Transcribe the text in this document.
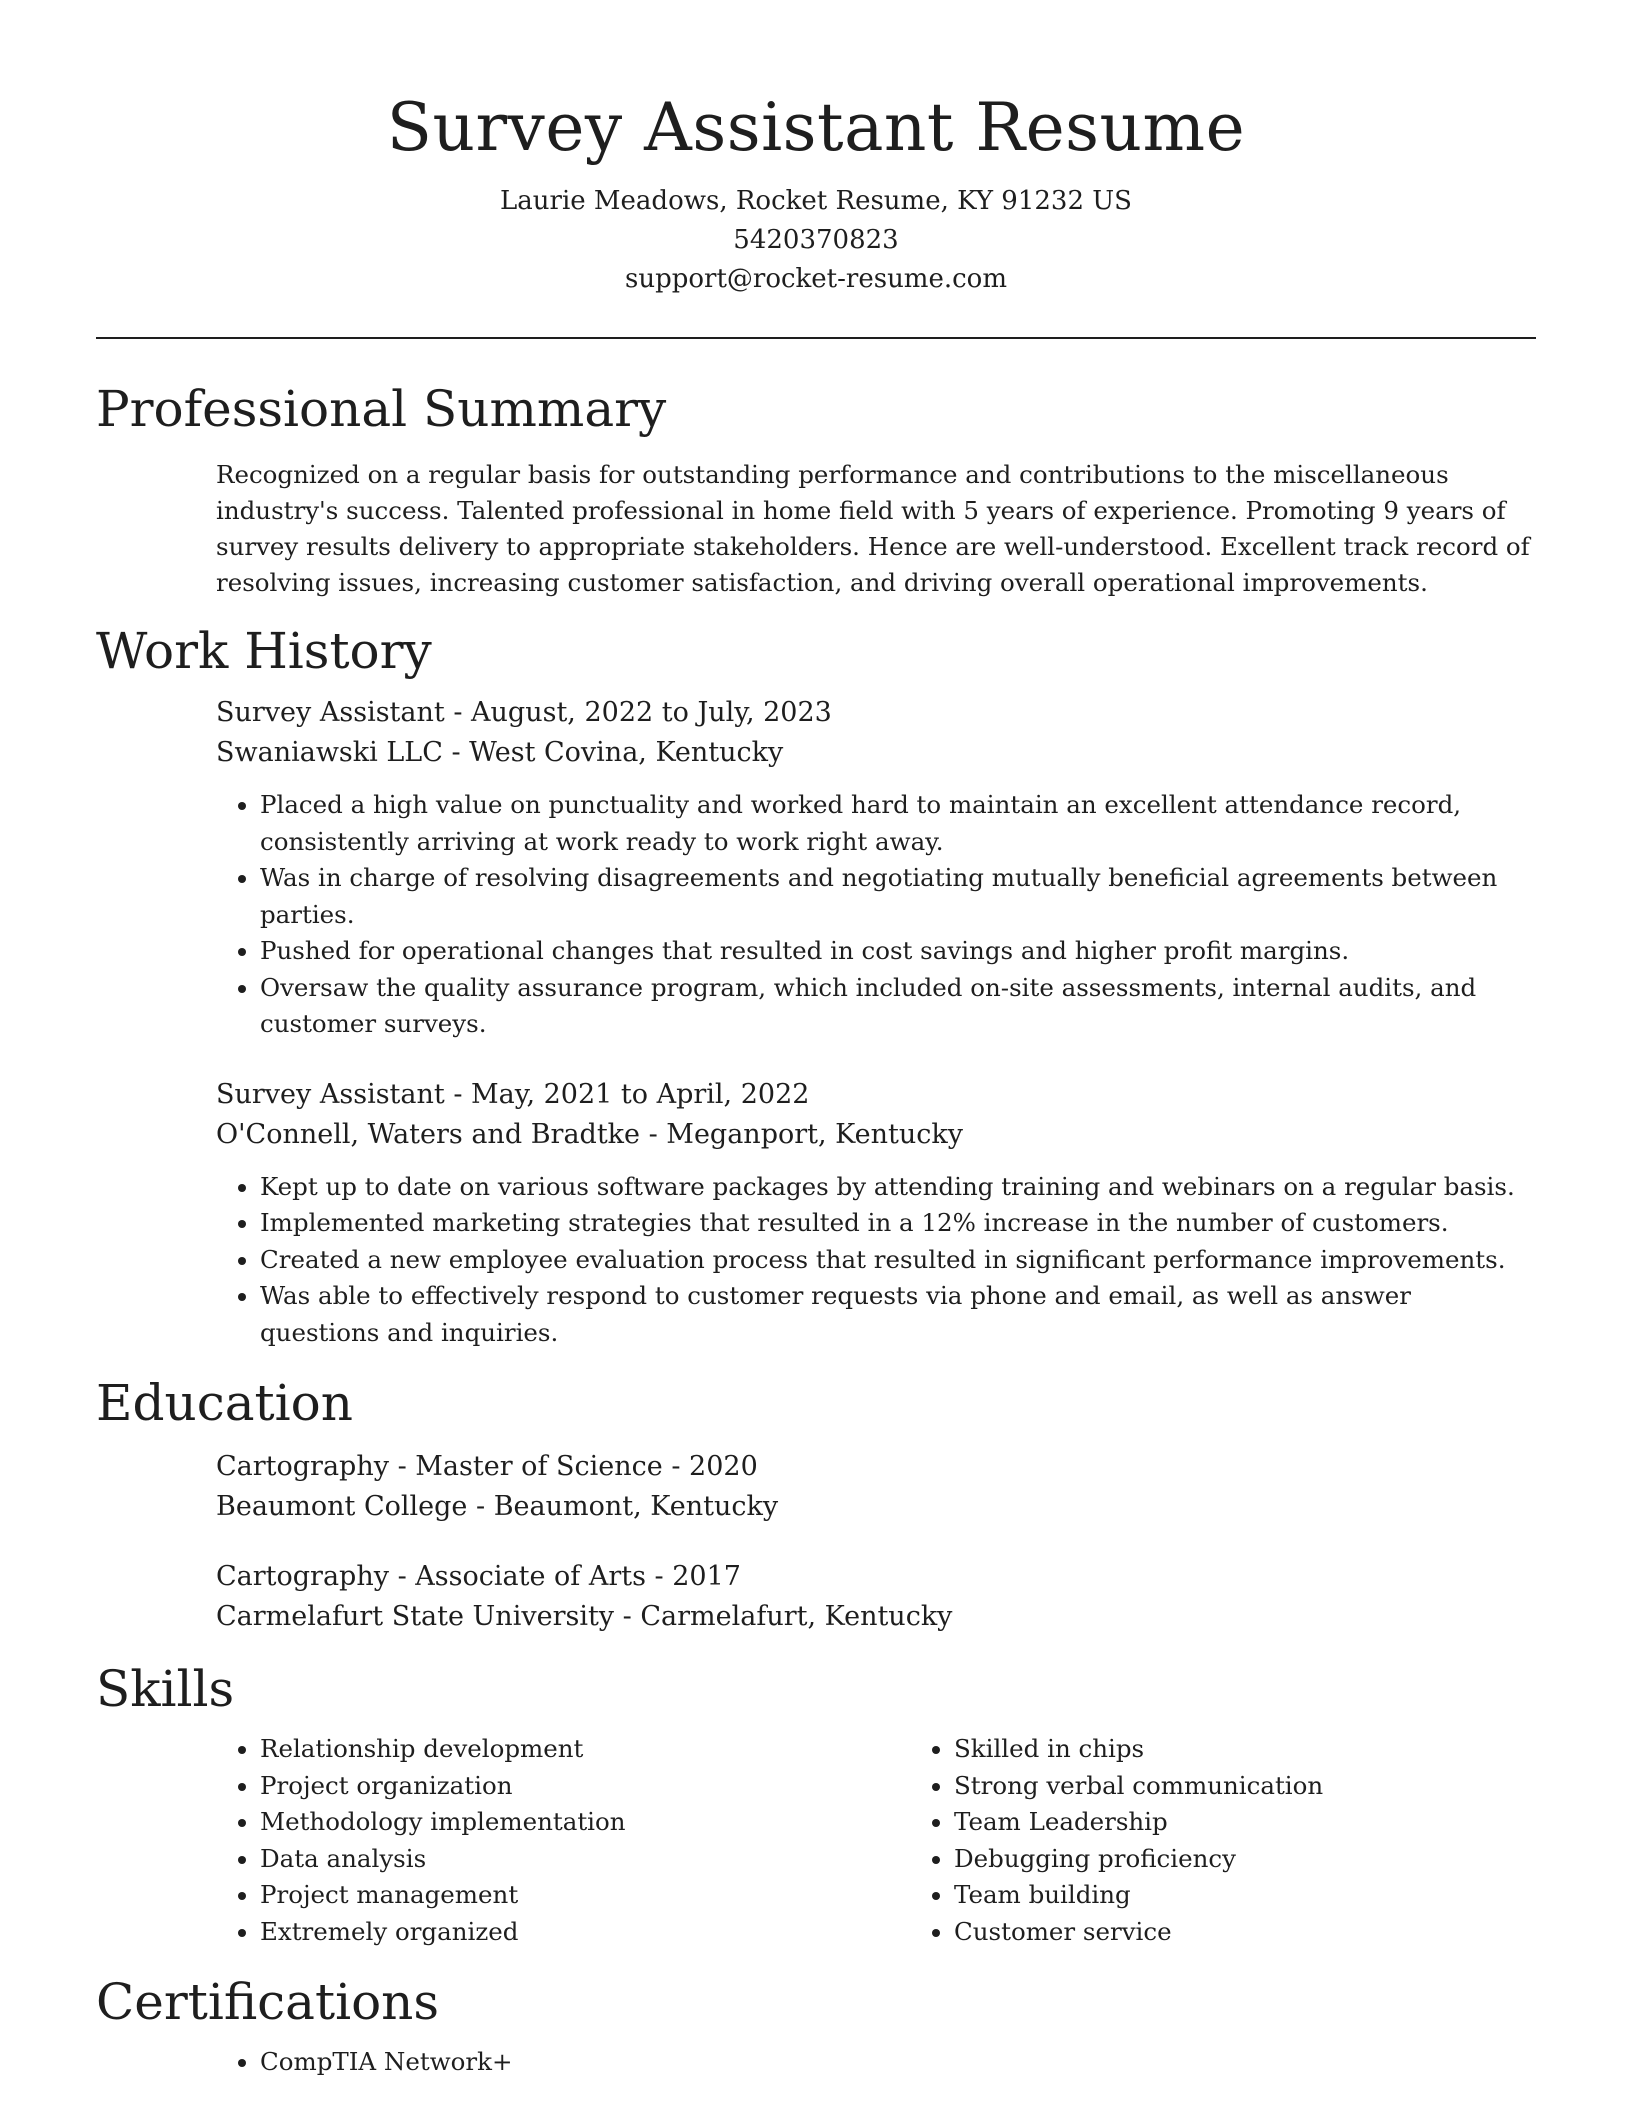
Survey Assistant Resume
Laurie Meadows, Rocket Resume, KY 91232 US
5420370823
support@rocket-resume.com
Professional Summary

Recognized on a regular basis for outstanding performance and contributions to the miscellaneous industry's success. Talented professional in home field with 5 years of experience. Promoting 9 years of survey results delivery to appropriate stakeholders. Hence are well-understood. Excellent track record of resolving issues, increasing customer satisfaction, and driving overall operational improvements.

Work History
Survey Assistant - August, 2022 to July, 2023
Swaniawski LLC - West Covina, Kentucky
• Placed a high value on punctuality and worked hard to maintain an excellent attendance record, consistently arriving at work ready to work right away.
• Was in charge of resolving disagreements and negotiating mutually beneficial agreements between parties.
• Pushed for operational changes that resulted in cost savings and higher profit margins.
• Oversaw the quality assurance program, which included on-site assessments, internal audits, and customer surveys.
Survey Assistant - May, 2021 to April, 2022
O'Connell, Waters and Bradtke - Meganport, Kentucky
• Kept up to date on various software packages by attending training and webinars on a regular basis.
• Implemented marketing strategies that resulted in a 12% increase in the number of customers.
• Created a new employee evaluation process that resulted in significant performance improvements.
• Was able to effectively respond to customer requests via phone and email, as well as answer questions and inquiries.
Education
Cartography - Master of Science - 2020
Beaumont College - Beaumont, Kentucky
Cartography - Associate of Arts - 2017
Carmelafurt State University - Carmelafurt, Kentucky
Skills
• Relationship development
• Project organization
• Methodology implementation
• Data analysis
• Project management
• Extremely organized
• Skilled in chips
• Strong verbal communication
• Team Leadership
• Debugging proficiency
• Team building
• Customer service
Certifications
• CompTIA Network+
